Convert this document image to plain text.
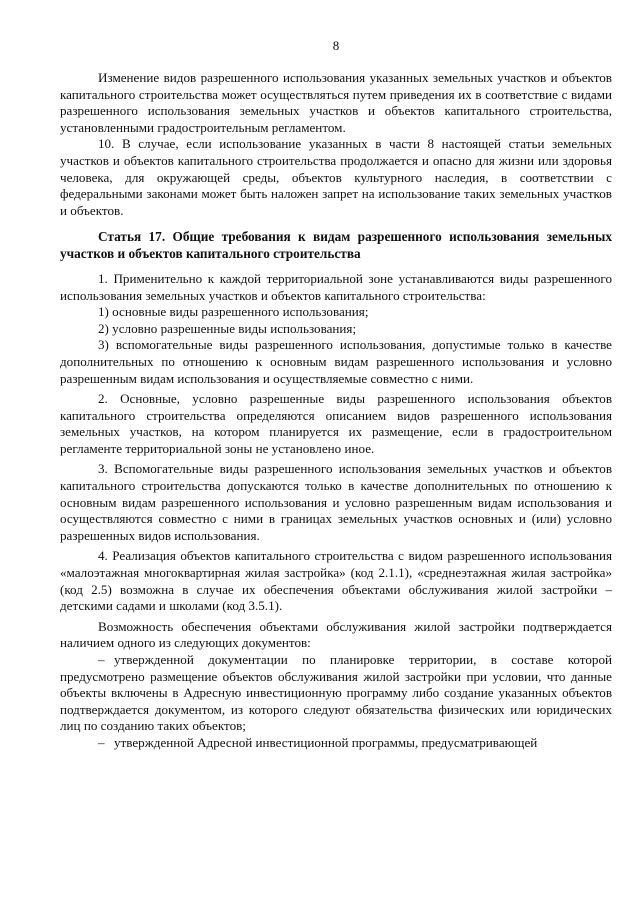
8

Изменение видов разрешенного использования указанных земельных участков и объектов капитального строительства может осуществляться путем приведения их в соответствие с видами разрешенного использования земельных участков и объектов капитального строительства, установленными градостроительным регламентом.

10. В случае, если использование указанных в части 8 настоящей статьи земельных участков и объектов капитального строительства продолжается и опасно для жизни или здоровья человека, для окружающей среды, объектов культурного наследия, в соответствии с федеральными законами может быть наложен запрет на использование таких земельных участков и объектов.

Статья 17. Общие требования к видам разрешенного использования земельных участков и объектов капитального строительства

1. Применительно к каждой территориальной зоне устанавливаются виды разрешенного использования земельных участков и объектов капитального строительства:

1) основные виды разрешенного использования;

2) условно разрешенные виды использования;

3) вспомогательные виды разрешенного использования, допустимые только в качестве дополнительных по отношению к основным видам разрешенного использования и условно разрешенным видам использования и осуществляемые совместно с ними.

2. Основные, условно разрешенные виды разрешенного использования объектов капитального строительства определяются описанием видов разрешенного использования земельных участков, на котором планируется их размещение, если в градостроительном регламенте территориальной зоны не установлено иное.

3. Вспомогательные виды разрешенного использования земельных участков и объектов капитального строительства допускаются только в качестве дополнительных по отношению к основным видам разрешенного использования и условно разрешенным видам использования и осуществляются совместно с ними в границах земельных участков основных и (или) условно разрешенных видов использования.

4. Реализация объектов капитального строительства с видом разрешенного использования «малоэтажная многоквартирная жилая застройка» (код 2.1.1), «среднеэтажная жилая застройка» (код 2.5) возможна в случае их обеспечения объектами обслуживания жилой застройки – детскими садами и школами (код 3.5.1).

Возможность обеспечения объектами обслуживания жилой застройки подтверждается наличием одного из следующих документов:

– утвержденной документации по планировке территории, в составе которой предусмотрено размещение объектов обслуживания жилой застройки при условии, что данные объекты включены в Адресную инвестиционную программу либо создание указанных объектов подтверждается документом, из которого следуют обязательства физических или юридических лиц по созданию таких объектов;

– утвержденной Адресной инвестиционной программы, предусматривающей
